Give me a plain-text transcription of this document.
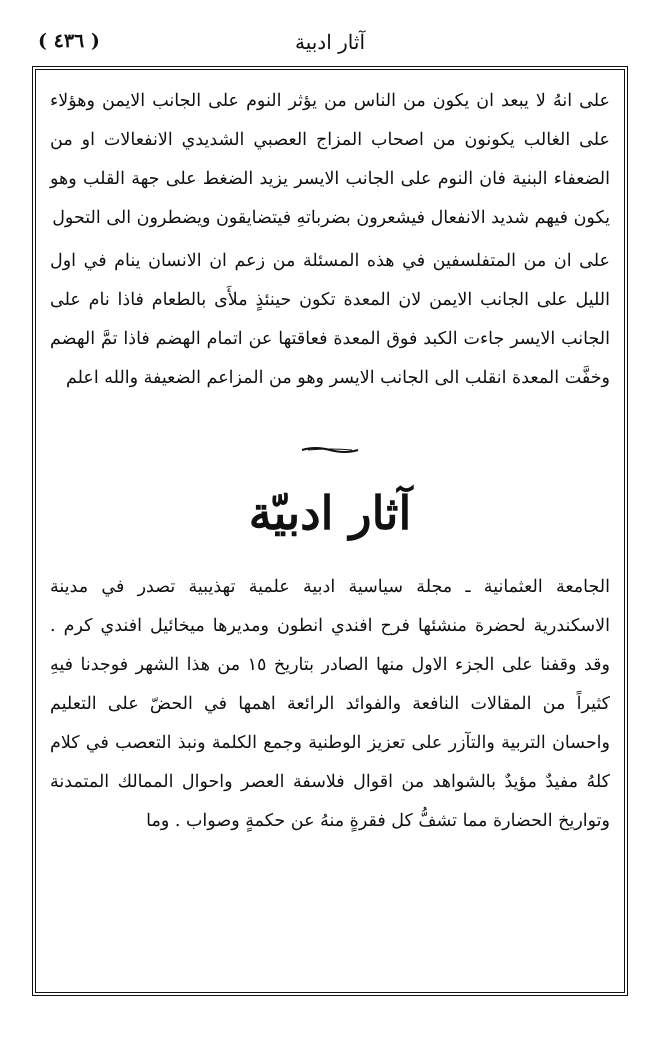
آثار ادبية
( ٤٣٦ )

على انهُ لا يبعد ان يكون من الناس من يؤثر النوم على الجانب الايمن وهؤلاء على الغالب يكونون من اصحاب المزاج العصبي الشديدي الانفعالات او من الضعفاء البنية فان النوم على الجانب الايسر يزيد الضغط على جهة القلب وهو يكون فيهم شديد الانفعال فيشعرون بضرباتهِ فيتضايقون ويضطرون الى التحول

على ان من المتفلسفين في هذه المسئلة من زعم ان الانسان ينام في اول الليل على الجانب الايمن لان المعدة تكون حينئذٍ ملأَى بالطعام فاذا نام على الجانب الايسر جاءت الكبد فوق المعدة فعاقتها عن اتمام الهضم فاذا تمَّ الهضم وخفَّت المعدة انقلب الى الجانب الايسر وهو من المزاعم الضعيفة والله اعلم

آثار ادبيّة

الجامعة العثمانية ـ مجلة سياسية ادبية علمية تهذيبية تصدر في مدينة الاسكندرية لحضرة منشئها فرح افندي انطون ومديرها ميخائيل افندي كرم . وقد وقفنا على الجزء الاول منها الصادر بتاريخ ١٥ من هذا الشهر فوجدنا فيهِ كثيراً من المقالات النافعة والفوائد الرائعة اهمها في الحضّ على التعليم واحسان التربية والتآزر على تعزيز الوطنية وجمع الكلمة ونبذ التعصب في كلام كلهُ مفيدٌ مؤيدٌ بالشواهد من اقوال فلاسفة العصر واحوال الممالك المتمدنة وتواريخ الحضارة مما تشفُّ كل فقرةٍ منهُ عن حكمةٍ وصواب . وما
